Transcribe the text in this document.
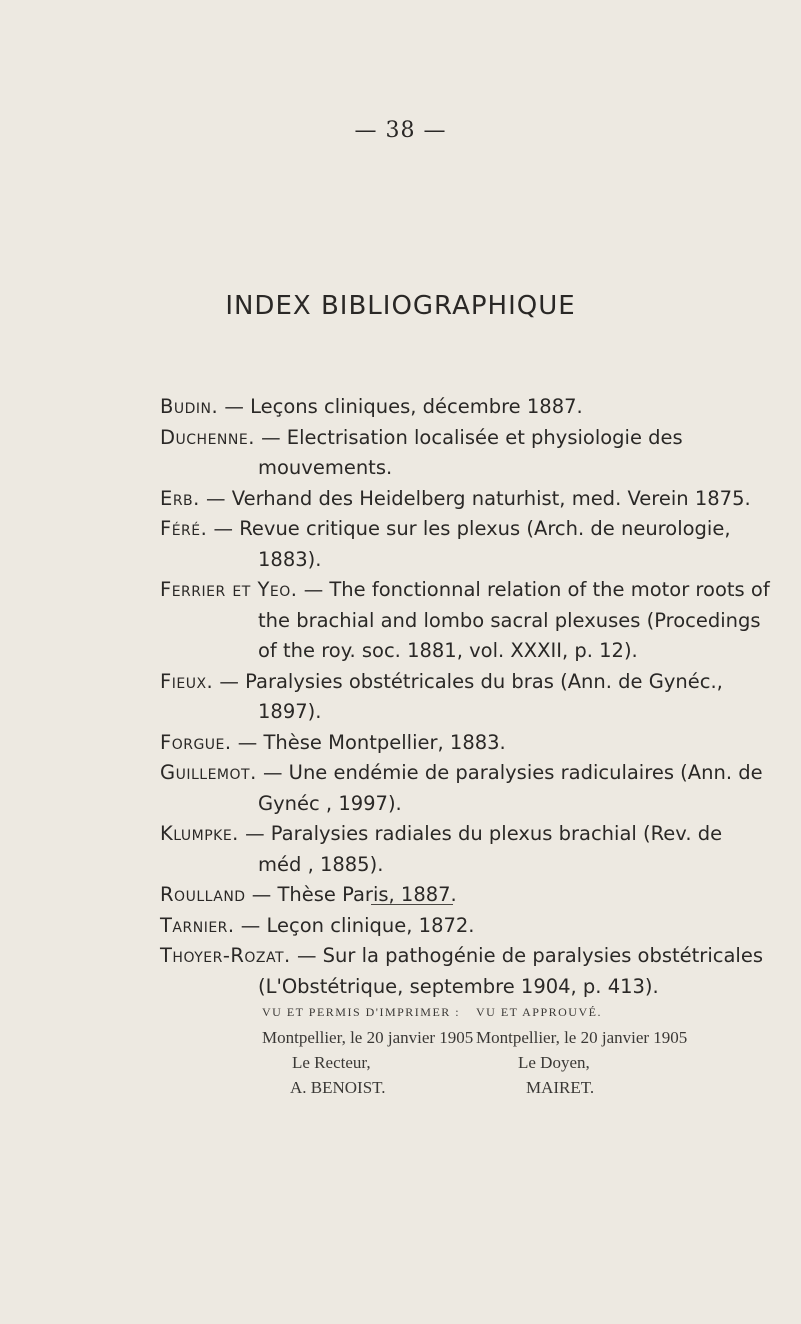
— 38 —
INDEX BIBLIOGRAPHIQUE
Budin. — Leçons cliniques, décembre 1887.
Duchenne. — Electrisation localisée et physiologie des mouvements.
Erb. — Verhand des Heidelberg naturhist, med. Verein 1875.
Féré. — Revue critique sur les plexus (Arch. de neurologie, 1883).
Ferrier et Yeo. — The fonctionnal relation of the motor roots of the brachial and lombo sacral plexuses (Procedings of the roy. soc. 1881, vol. XXXII, p. 12).
Fieux. — Paralysies obstétricales du bras (Ann. de Gynéc., 1897).
Forgue. — Thèse Montpellier, 1883.
Guillemot. — Une endémie de paralysies radiculaires (Ann. de Gynéc , 1997).
Klumpke. — Paralysies radiales du plexus brachial (Rev. de méd , 1885).
Roulland — Thèse Paris, 1887.
Tarnier. — Leçon clinique, 1872.
Thoyer-Rozat. — Sur la pathogénie de paralysies obstétricales (L'Obstétrique, septembre 1904, p. 413).
VU ET PERMIS D'IMPRIMER :
Montpellier, le 20 janvier 1905
Le Recteur,
A. BENOIST.
VU ET APPROUVÉ.
Montpellier, le 20 janvier 1905
Le Doyen,
MAIRET.
